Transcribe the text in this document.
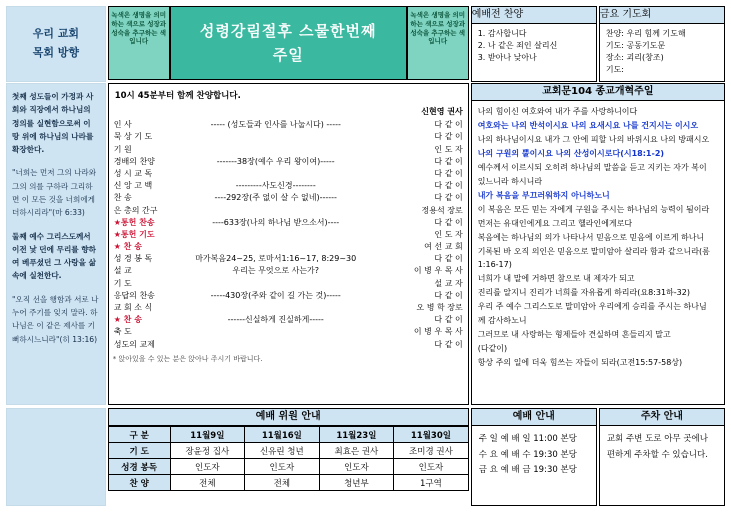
우리 교회
목회 방향
녹색은 생명을 의미하는 색으로 성장과 성숙을 추구하는 색입니다
성령강림절후 스물한번째
주일
녹색은 생명을 의미하는 색으로 성장과 성숙을 추구하는 색입니다
예배전 찬양
1. 감사합니다
2. 나 같은 죄인 살리신
3. 받아나 낮아나
금요 기도회
찬양: 우리 힘께 기도해
기도: 공동기도문
장소: 괴리(창조)
기도:

첫째 성도들이 가정과 사회와 직장에서 하나님의 정의를 실현함으로써 이 땅 위에 하나님의 나라를 확장한다.

"너희는 먼저 그의 나라와 그의 의를 구하라 그리하면 이 모든 것을 너희에게 더하시리라"(마 6:33)

둘째 예수 그리스도께서 이전 낯 던에 무리를 향하여 베푸셨던 그 사랑을 삶 속에 실천한다.

"오직 선을 행함과 서로 나누어 주기를 잊지 말라. 하나님은 이 같은 제사를 기뻐하시느니라"(히 13:16)

10시 45분부터 함께 찬양합니다.
		신현영 권사
인 사	----- (성도들과 인사를 나눕시다) -----	다 같 이
묵 상 기 도		다 같 이
기 원		인 도 자
경배의 찬양	-------38장(예수 우리 왕이여)-----	다 같 이
성 시 교 독		다 같 이
신 앙 고 백	---------사도신경--------	다 같 이
찬 송	----292장(주 없이 살 수 없네)------	다 같 이
은 총의 간구		정용석 장로
★통헌 찬송	----633장(나의 하나님 받으소서)----	다 같 이
★통헌 기도		인 도 자
★ 찬 송		여 선 교 회
성 경 봉 독	마가복음24~25, 로마서1:16~17, 8:29~30	다 같 이
설 교	우리는 무엇으로 사는가?	이 병 우 목 사
기 도		설 교 자
응답의 찬송	-----430장(주와 같이 길 가는 것)-----	다 같 이
교 회 소 식		오 병 학 장로
★ 찬 송	------신실하게 진실하게-----	다 같 이
축 도		이 병 우 목 사
성도의 교제		다 같 이
* 앉아있을 수 있는 분은 앉아나 주시기 바랍니다.
교회문104 종교개혁주일
나의 힘이신 여호와여 내가 주를 사랑하니이다
여호와는 나의 반석이시요 나의 요새시요 나를 건지시는 이시오
나의 하나님이시요 내가 그 안에 피할 나의 바위시요 나의 방패시오
나의 구원의 뿔이시요 나의 산성이시로다(시18:1-2)
예수께서 이르시되 오히려 하나님의 말씀을 듣고 지키는 자가 복이
있느니라 하시니라
내가 복음을 부끄러워하지 아니하노니
이 복음은 모든 믿는 자에게 구원을 주시는 하나님의 능력이 됨이라
먼저는 유대인에게요 그리고 헬라인에게로다
복음에는 하나님의 의가 나타나서 믿음으로 믿음에 이르게 하나니
기록된 바 오직 의인은 믿음으로 말미암아 살리라 함과 같으니라(롬
1:16-17)
너희가 내 말에 거하면 참으로 내 제자가 되고
진리를 알지니 진리가 너희를 자유롭게 하리라(요8:31하-32)
우리 주 예수 그리스도로 말미암아 우리에게 승리를 주시는 하나님
께 감사하노니
그러므로 내 사랑하는 형제들아 견실하며 흔들리지 말고
(다같이)
항상 주의 일에 더욱 힘쓰는 자들이 되라(고전15:57-58상)
예배 위원 안내
구 분	11월9일	11월16일	11월23일	11월30일
기 도	장윤정 집사	신유린 청년	최효은 권사	조미경 권사
성경 봉독	인도자	인도자	인도자	인도자
찬 양	전체	전체	청년부	1구역
예배 안내
주 일 예 배 일 11:00 본당
수 요 예 배 수 19:30 본당
금 요 예 배 금 19:30 본당
주차 안내
교회 주변 도로 아무 곳에나
편하게 주차할 수 있습니다.
